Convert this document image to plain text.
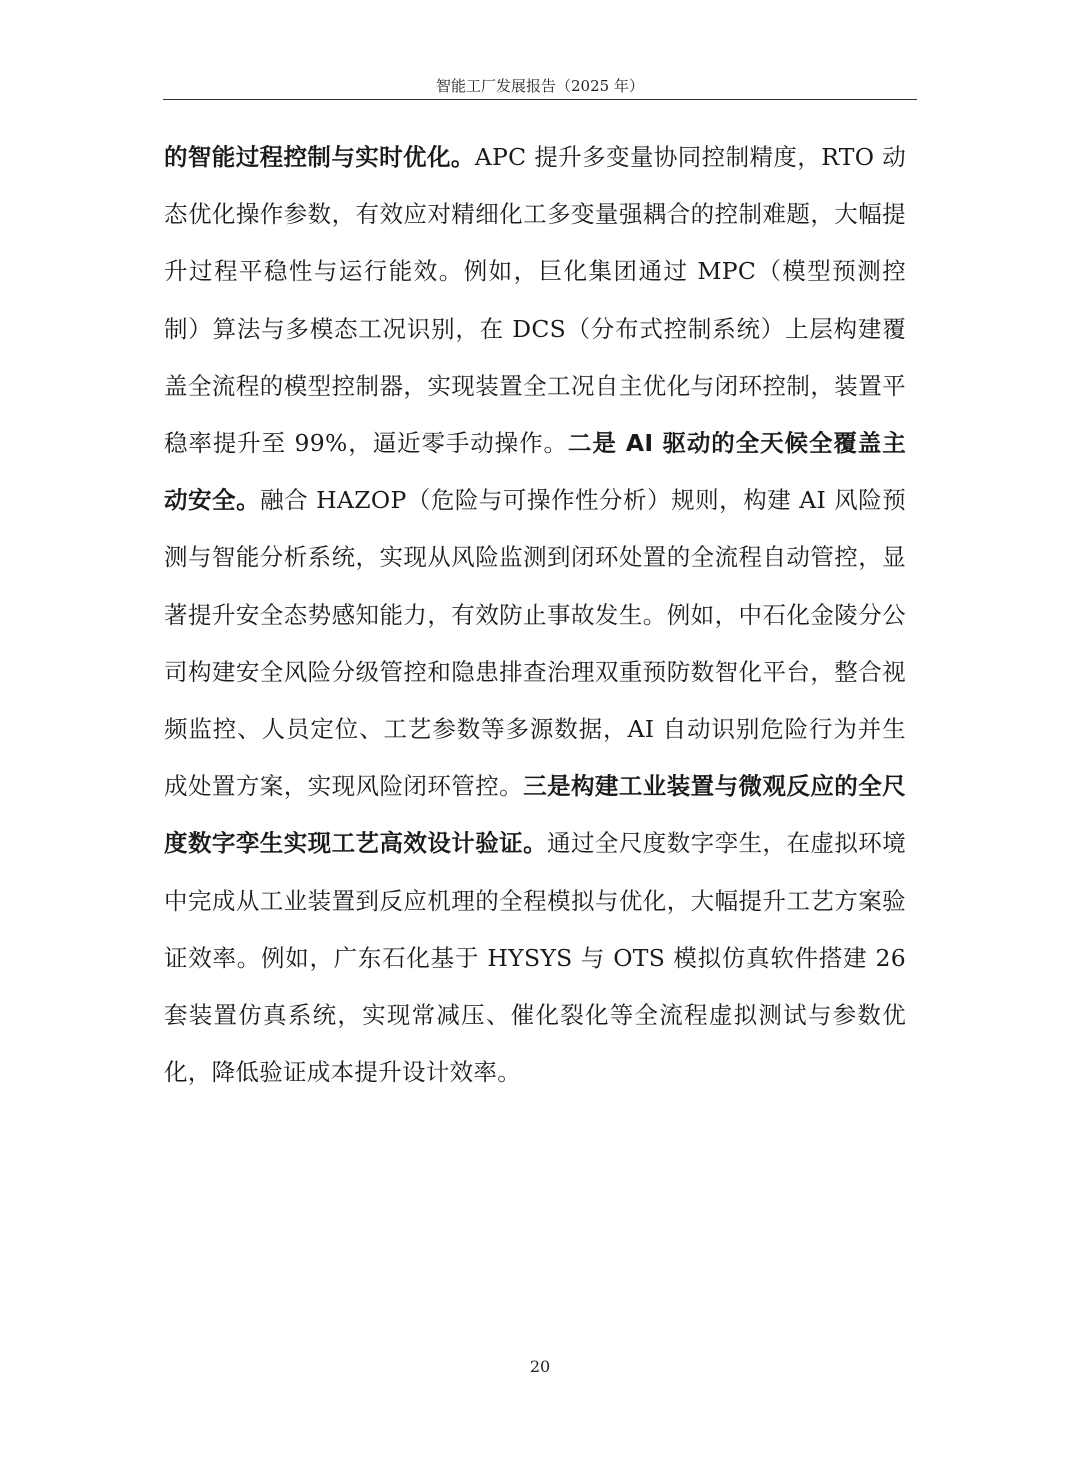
智能工厂发展报告（2025 年）
的智能过程控制与实时优化。APC 提升多变量协同控制精度，RTO 动态优化操作参数，有效应对精细化工多变量强耦合的控制难题，大幅提升过程平稳性与运行能效。例如，巨化集团通过 MPC（模型预测控制）算法与多模态工况识别，在 DCS（分布式控制系统）上层构建覆盖全流程的模型控制器，实现装置全工况自主优化与闭环控制，装置平稳率提升至 99%，逼近零手动操作。二是 AI 驱动的全天候全覆盖主动安全。融合 HAZOP（危险与可操作性分析）规则，构建 AI 风险预测与智能分析系统，实现从风险监测到闭环处置的全流程自动管控，显著提升安全态势感知能力，有效防止事故发生。例如，中石化金陵分公司构建安全风险分级管控和隐患排查治理双重预防数智化平台，整合视频监控、人员定位、工艺参数等多源数据，AI 自动识别危险行为并生成处置方案，实现风险闭环管控。三是构建工业装置与微观反应的全尺度数字孪生实现工艺高效设计验证。通过全尺度数字孪生，在虚拟环境中完成从工业装置到反应机理的全程模拟与优化，大幅提升工艺方案验证效率。例如，广东石化基于 HYSYS 与 OTS 模拟仿真软件搭建 26 套装置仿真系统，实现常减压、催化裂化等全流程虚拟测试与参数优化，降低验证成本提升设计效率。
20
